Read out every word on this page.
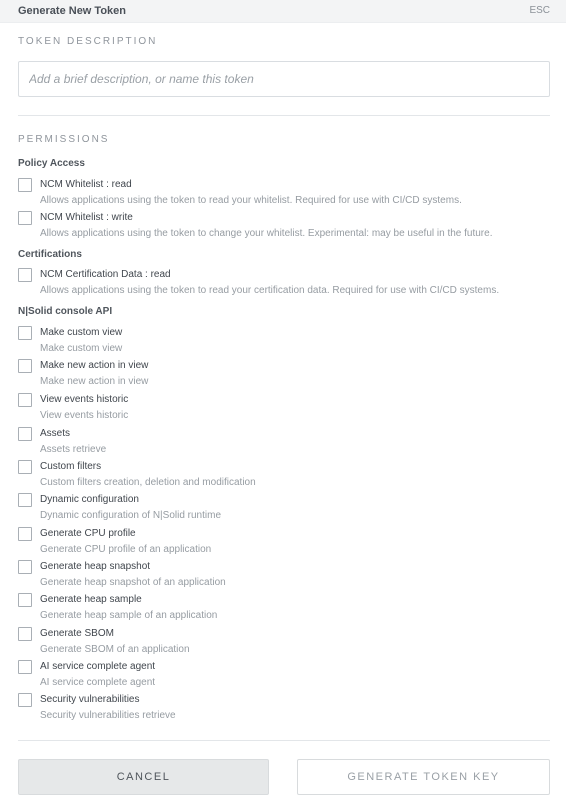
Generate New Token	ESC
TOKEN DESCRIPTION
Add a brief description, or name this token
PERMISSIONS
Policy Access
NCM Whitelist : read
Allows applications using the token to read your whitelist. Required for use with CI/CD systems.
NCM Whitelist : write
Allows applications using the token to change your whitelist. Experimental: may be useful in the future.
Certifications
NCM Certification Data : read
Allows applications using the token to read your certification data. Required for use with CI/CD systems.
N|Solid console API
Make custom view
Make custom view
Make new action in view
Make new action in view
View events historic
View events historic
Assets
Assets retrieve
Custom filters
Custom filters creation, deletion and modification
Dynamic configuration
Dynamic configuration of N|Solid runtime
Generate CPU profile
Generate CPU profile of an application
Generate heap snapshot
Generate heap snapshot of an application
Generate heap sample
Generate heap sample of an application
Generate SBOM
Generate SBOM of an application
AI service complete agent
AI service complete agent
Security vulnerabilities
Security vulnerabilities retrieve
CANCEL	GENERATE TOKEN KEY
